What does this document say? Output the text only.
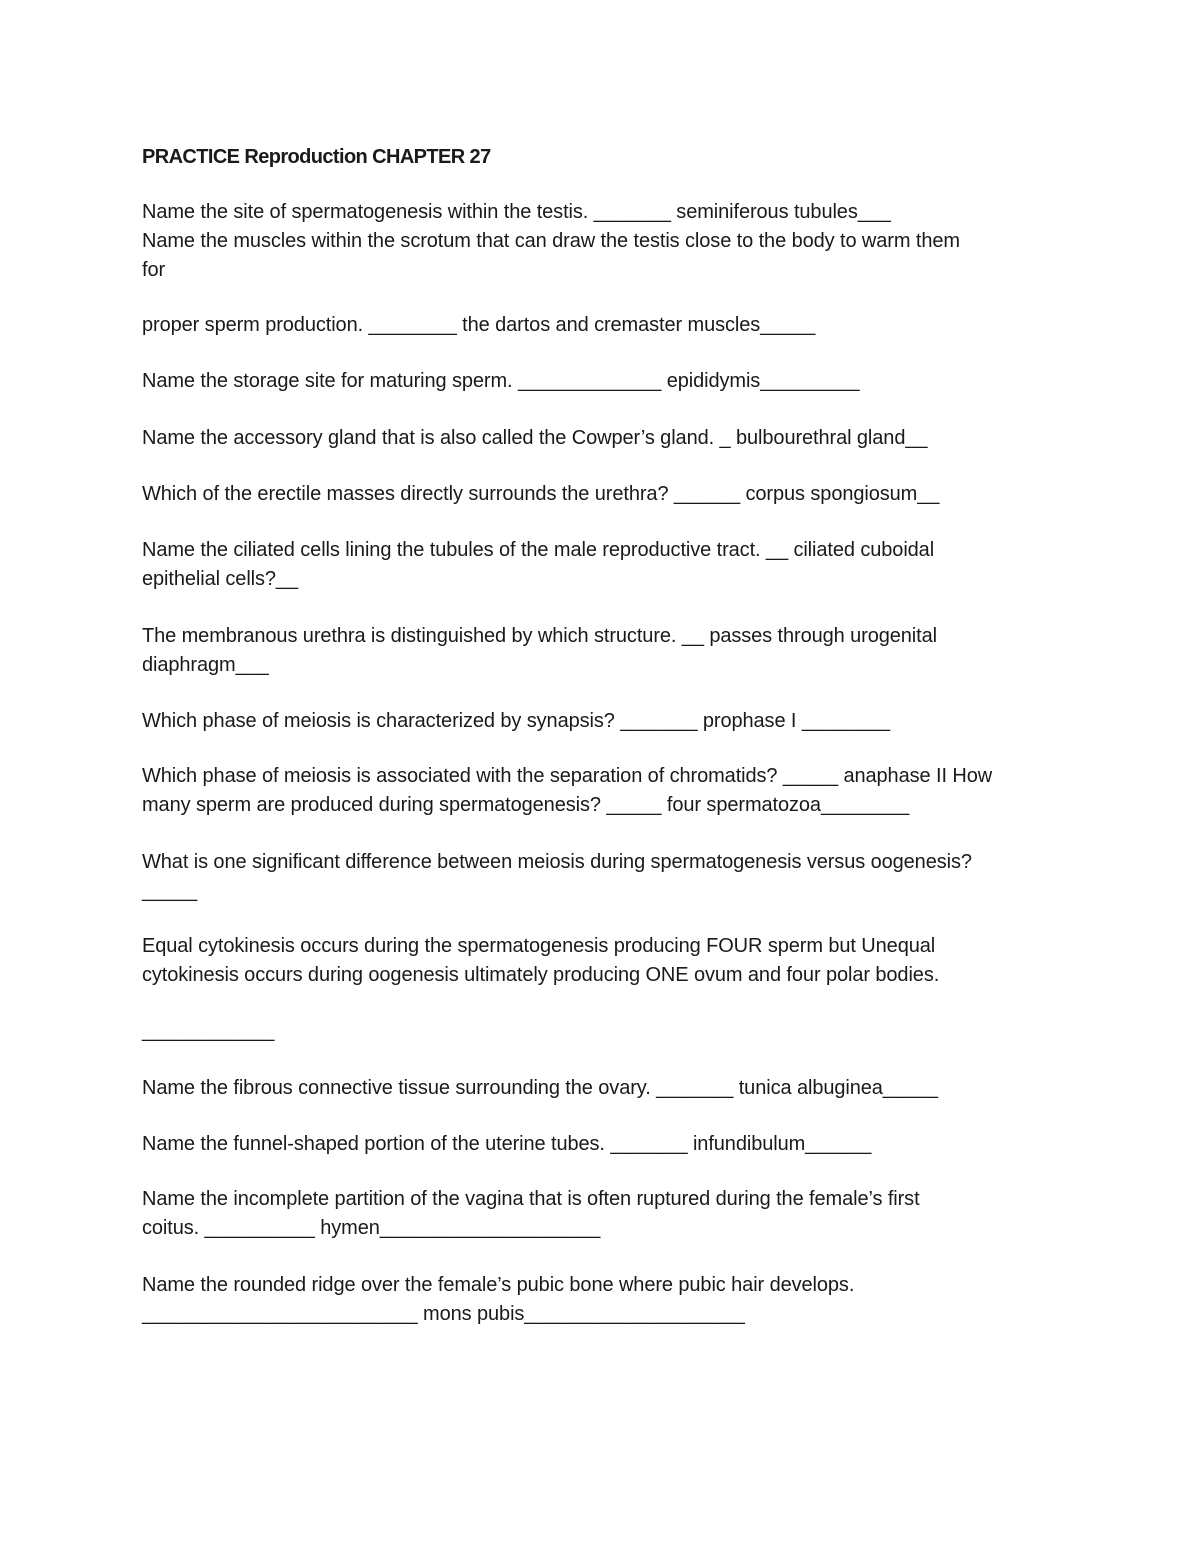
PRACTICE Reproduction CHAPTER 27
Name the site of spermatogenesis within the testis. _______ seminiferous tubules___
Name the muscles within the scrotum that can draw the testis close to the body to warm them
for
proper sperm production. ________ the dartos and cremaster muscles_____
Name the storage site for maturing sperm. _____________ epididymis_________
Name the accessory gland that is also called the Cowper’s gland. _ bulbourethral gland__
Which of the erectile masses directly surrounds the urethra? ______ corpus spongiosum__
Name the ciliated cells lining the tubules of the male reproductive tract. __ ciliated cuboidal
epithelial cells?__
The membranous urethra is distinguished by which structure. __ passes through urogenital
diaphragm___
Which phase of meiosis is characterized by synapsis? _______ prophase I ________
Which phase of meiosis is associated with the separation of chromatids? _____ anaphase II How
many sperm are produced during spermatogenesis? _____ four spermatozoa________
What is one significant difference between meiosis during spermatogenesis versus oogenesis?
_____
Equal cytokinesis occurs during the spermatogenesis producing FOUR sperm but Unequal
cytokinesis occurs during oogenesis ultimately producing ONE ovum and four polar bodies.
____________
Name the fibrous connective tissue surrounding the ovary. _______ tunica albuginea_____
Name the funnel-shaped portion of the uterine tubes. _______ infundibulum______
Name the incomplete partition of the vagina that is often ruptured during the female’s first
coitus. __________ hymen____________________
Name the rounded ridge over the female’s pubic bone where pubic hair develops.
_________________________ mons pubis____________________
